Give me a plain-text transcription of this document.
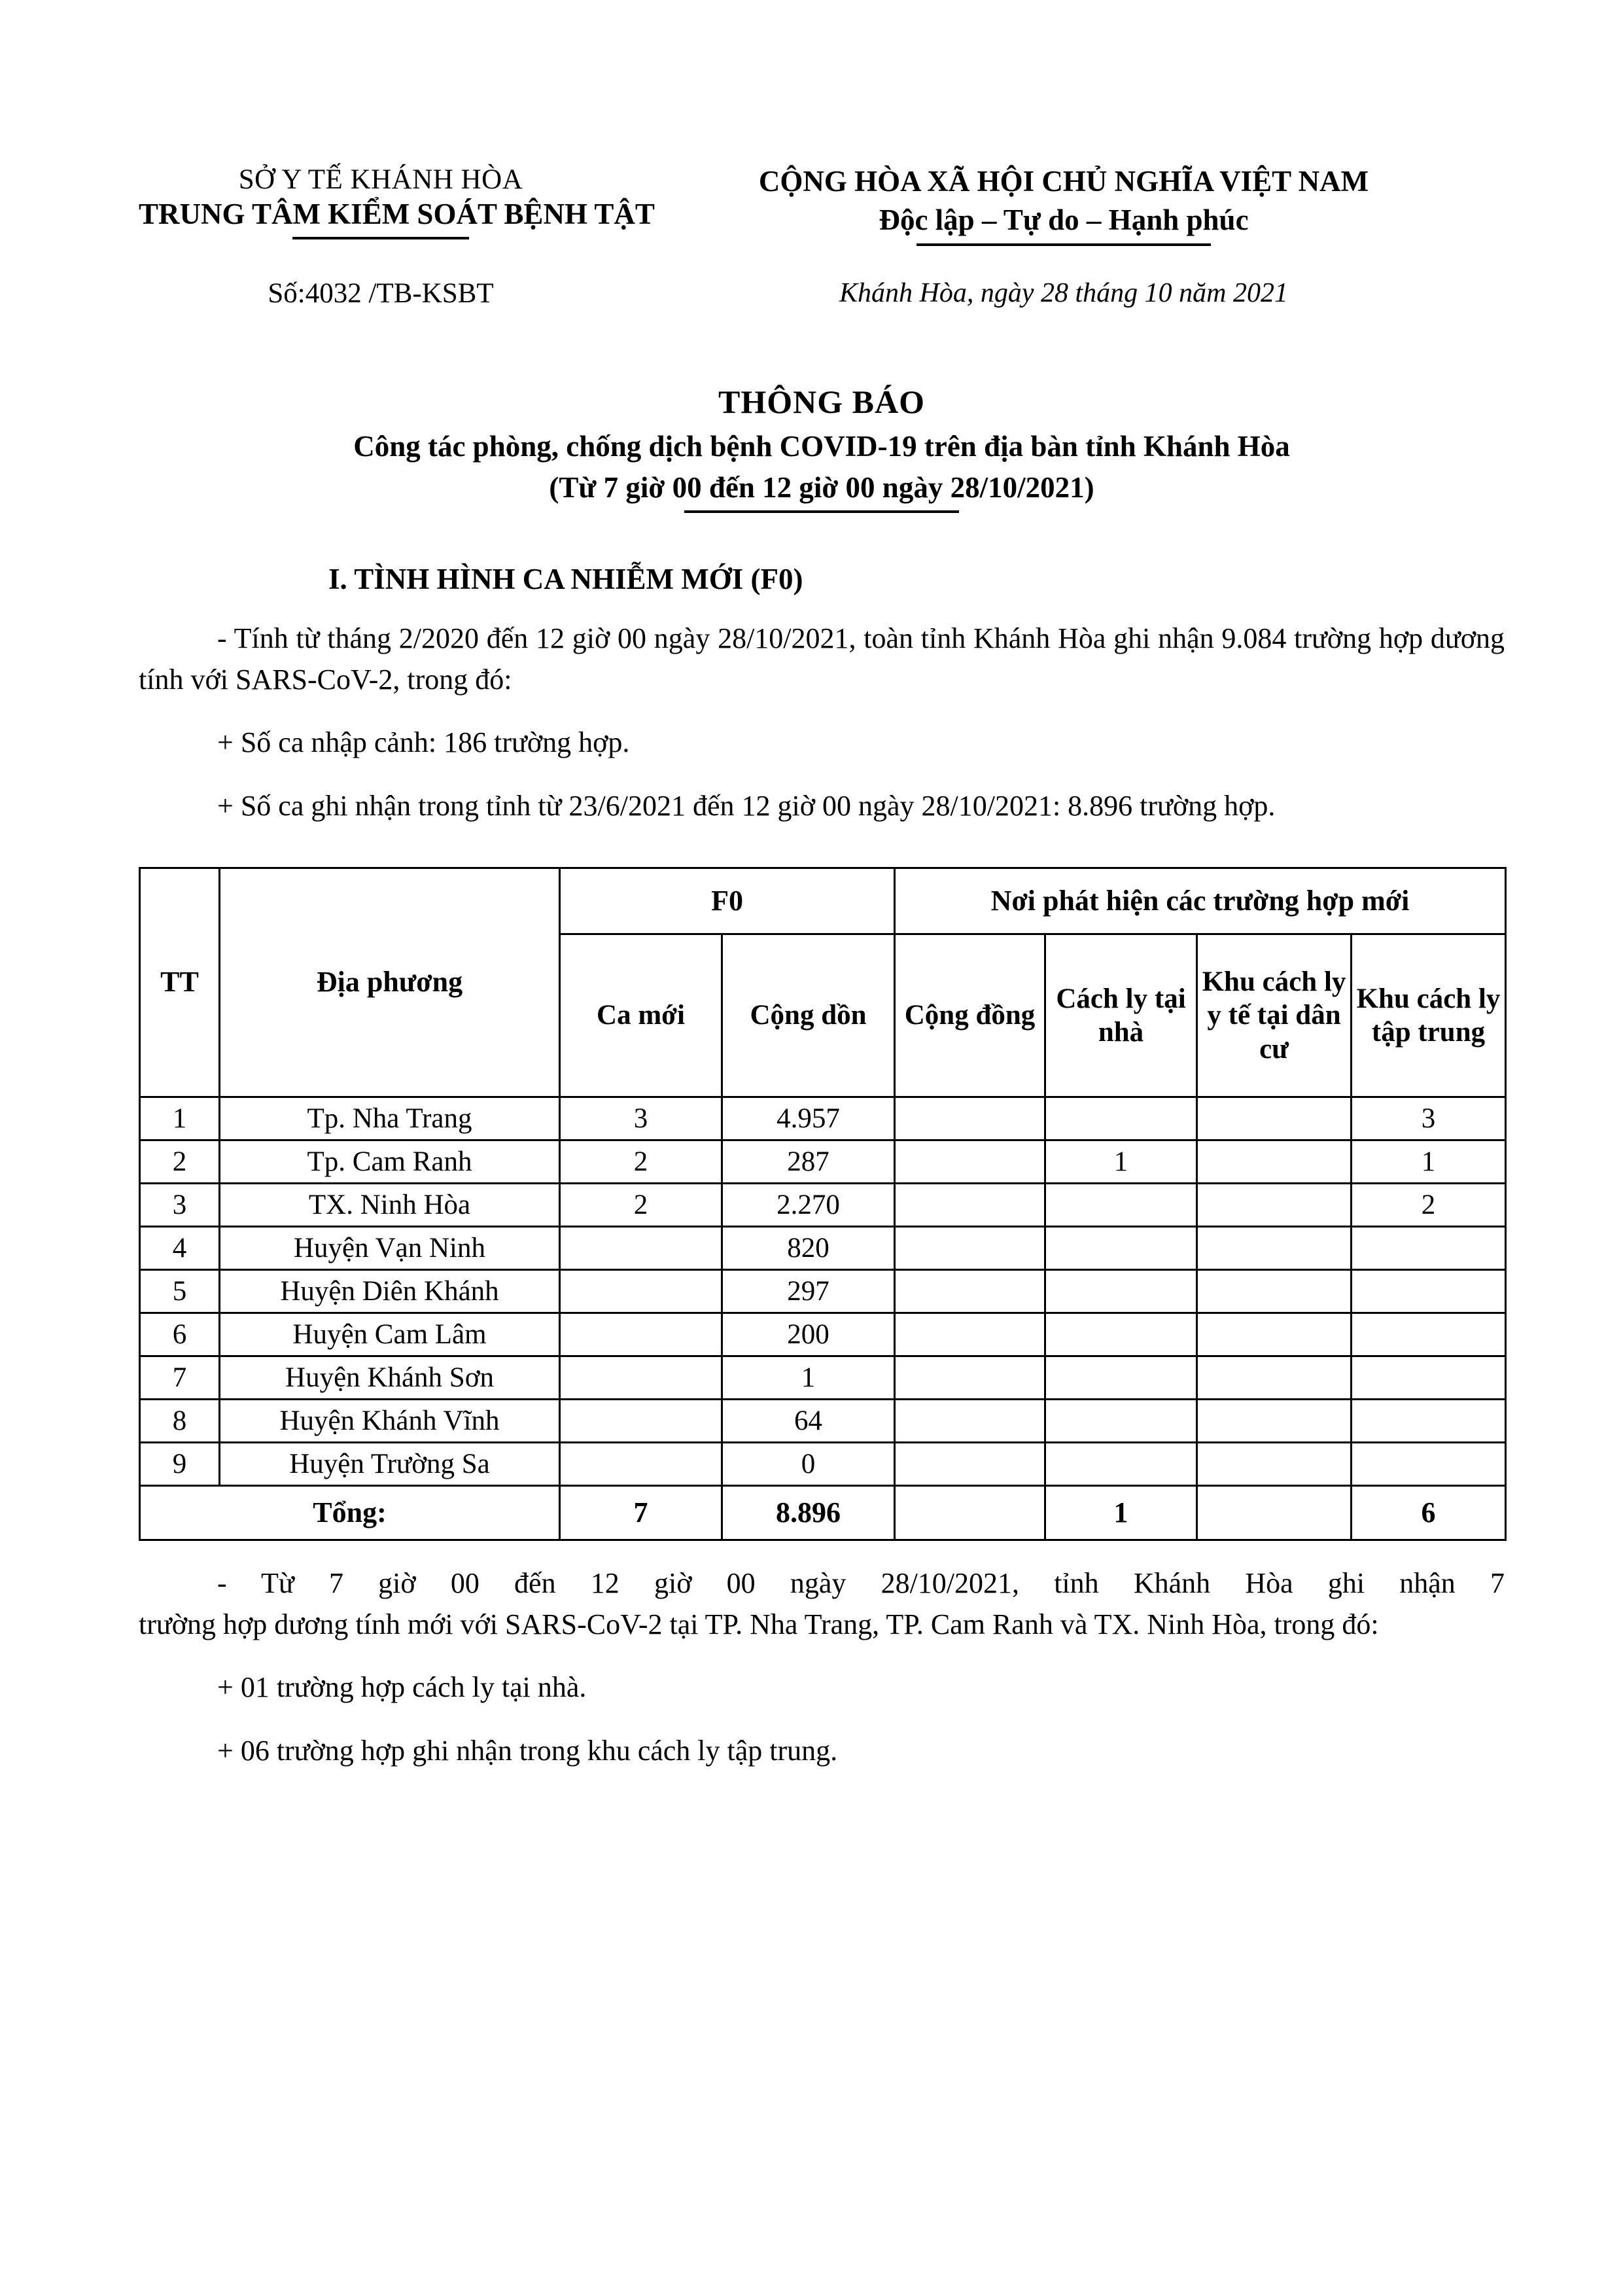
SỞ Y TẾ KHÁNH HÒA
TRUNG TÂM KIỂM SOÁT BỆNH TẬT
CỘNG HÒA XÃ HỘI CHỦ NGHĨA VIỆT NAM
Độc lập – Tự do – Hạnh phúc
Số:4032 /TB-KSBT	Khánh Hòa, ngày 28 tháng 10 năm 2021
THÔNG BÁO
Công tác phòng, chống dịch bệnh COVID-19 trên địa bàn tỉnh Khánh Hòa
(Từ 7 giờ 00 đến 12 giờ 00 ngày 28/10/2021)
I. TÌNH HÌNH CA NHIỄM MỚI (F0)

- Tính từ tháng 2/2020 đến 12 giờ 00 ngày 28/10/2021, toàn tỉnh Khánh Hòa ghi nhận 9.084 trường hợp dương tính với SARS-CoV-2, trong đó:

+ Số ca nhập cảnh: 186 trường hợp.

+ Số ca ghi nhận trong tỉnh từ 23/6/2021 đến 12 giờ 00 ngày 28/10/2021: 8.896 trường hợp.

TT	Địa phương	F0		Nơi phát hiện các trường hợp mới			
		Ca mới	Cộng dồn	Cộng đồng	Cách ly tại nhà	Khu cách ly y tế tại dân cư	Khu cách ly tập trung
1	Tp. Nha Trang	3	4.957				3
2	Tp. Cam Ranh	2	287		1		1
3	TX. Ninh Hòa	2	2.270				2
4	Huyện Vạn Ninh		820				
5	Huyện Diên Khánh		297				
6	Huyện Cam Lâm		200				
7	Huyện Khánh Sơn		1				
8	Huyện Khánh Vĩnh		64				
9	Huyện Trường Sa		0				
Tổng:		7	8.896		1		6

- Từ 7 giờ 00 đến 12 giờ 00 ngày 28/10/2021, tỉnh Khánh Hòa ghi nhận 7 trường hợp dương tính mới với SARS-CoV-2 tại TP. Nha Trang, TP. Cam Ranh và TX. Ninh Hòa, trong đó:

+ 01 trường hợp cách ly tại nhà.

+ 06 trường hợp ghi nhận trong khu cách ly tập trung.
